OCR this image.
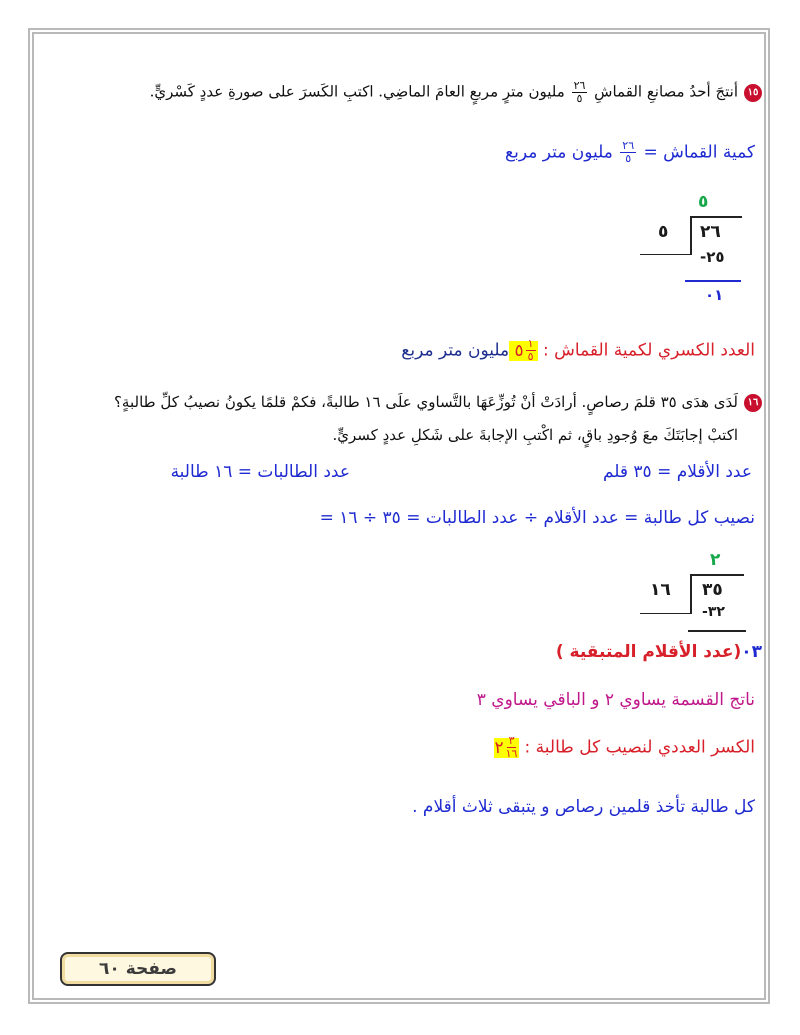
١٥أنتجَ أحدُ مصانعِ القماشِ
$\frac{٢٦}{٥}$
مليون مترٍ مربعٍ العامَ الماضِي. اكتبِ الكَسرَ على صورةِ عددٍ كَسْريٍّ.
كمية القماش =
$\frac{٢٦}{٥}$
مليون متر مربع
٥
٢٦
٥
٢٥-
٠١
العدد الكسري لكمية القماش :
$\frac{١}{٥}$
٥ مليون متر مربع
١٦لَدَى هدَى ٣٥ قلمَ رصاصٍ. أرادَتْ أنْ تُوزِّعَهَا بالتَّساوي علَى ١٦ طالبةً، فكمْ قلمًا يكونُ نصيبُ كلِّ طالبةٍ؟
اكتبْ إجابَتَكَ معَ وُجودِ باقٍ، ثم اكْتبِ الإجابةَ على شَكلِ عددٍ كسريٍّ.
عدد الأقلام = ٣٥ قلم
عدد الطالبات = ١٦ طالبة
نصيب كل طالبة = عدد الأقلام ÷ عدد الطالبات = ٣٥ ÷ ١٦ =
٢
٣٥
١٦
٣٢-
٠٣(عدد الأقلام المتبقية )
ناتج القسمة يساوي ٢ و الباقي يساوي ٣
الكسر العددي لنصيب كل طالبة :
$\frac{٣}{١٦}$
٢
كل طالبة تأخذ قلمين رصاص و يتبقى ثلاث أقلام .
صفحة ٦٠
